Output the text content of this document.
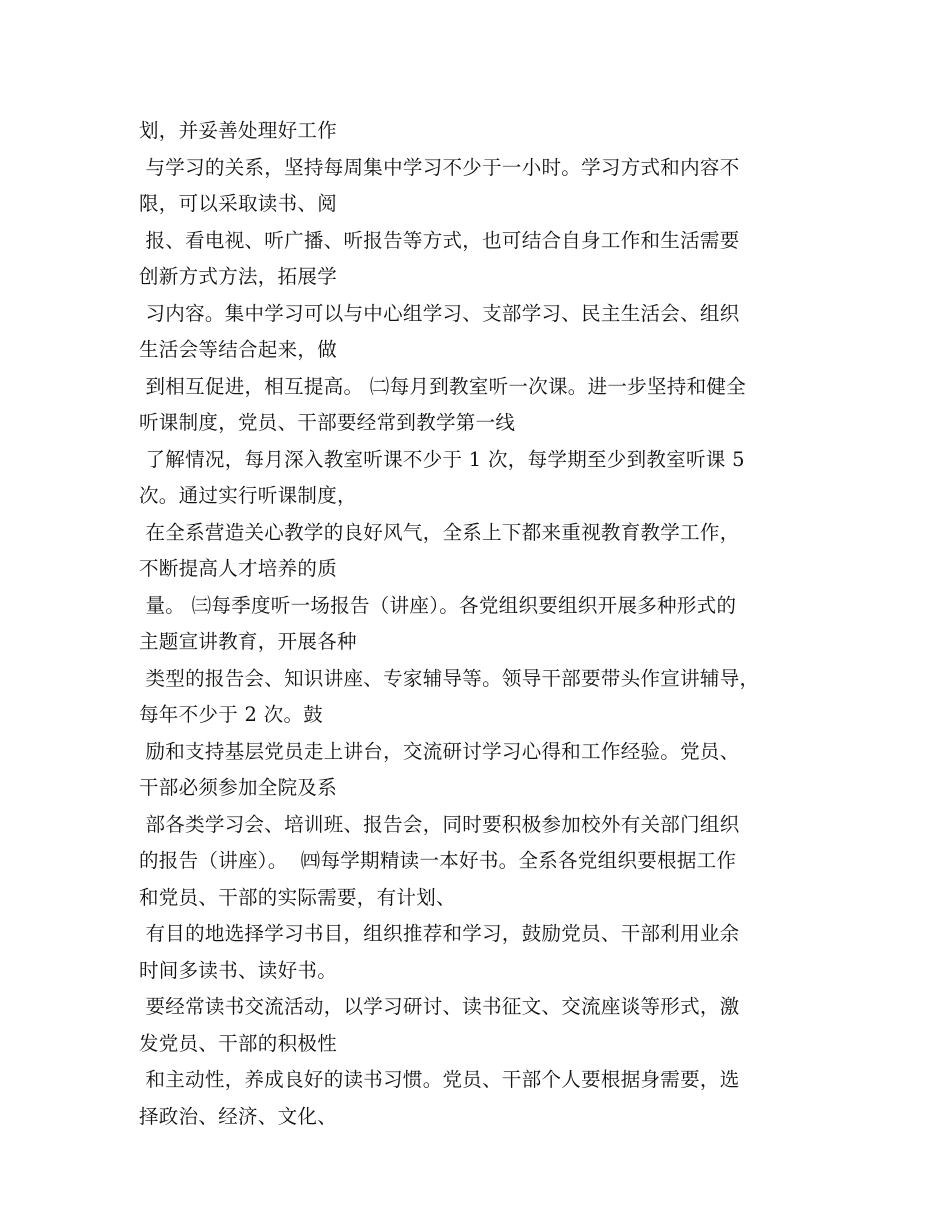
划，并妥善处理好工作
与学习的关系，坚持每周集中学习不少于一小时。学习方式和内容不
限，可以采取读书、阅
报、看电视、听广播、听报告等方式，也可结合自身工作和生活需要
创新方式方法，拓展学
习内容。集中学习可以与中心组学习、支部学习、民主生活会、组织
生活会等结合起来，做
到相互促进，相互提高。 ㈡每月到教室听一次课。进一步坚持和健全
听课制度，党员、干部要经常到教学第一线
了解情况，每月深入教室听课不少于 1 次，每学期至少到教室听课 5
次。通过实行听课制度，
在全系营造关心教学的良好风气，全系上下都来重视教育教学工作，
不断提高人才培养的质
量。 ㈢每季度听一场报告（讲座）。各党组织要组织开展多种形式的
主题宣讲教育，开展各种
类型的报告会、知识讲座、专家辅导等。领导干部要带头作宣讲辅导，
每年不少于 2 次。鼓
励和支持基层党员走上讲台，交流研讨学习心得和工作经验。党员、
干部必须参加全院及系
部各类学习会、培训班、报告会，同时要积极参加校外有关部门组织
的报告（讲座）。  ㈣每学期精读一本好书。全系各党组织要根据工作
和党员、干部的实际需要，有计划、
有目的地选择学习书目，组织推荐和学习，鼓励党员、干部利用业余
时间多读书、读好书。
要经常读书交流活动，以学习研讨、读书征文、交流座谈等形式，激
发党员、干部的积极性
和主动性，养成良好的读书习惯。党员、干部个人要根据身需要，选
择政治、经济、文化、
